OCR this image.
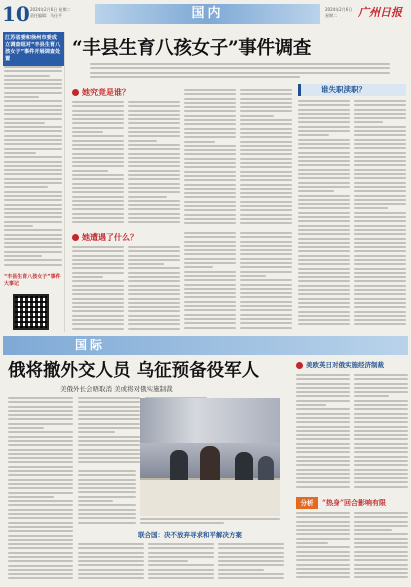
10 2024年2月6日 星期二
责任编辑：马仕平	国内	2024年2月6日
星期二	广州日报
江苏省委和徐州市委成立调查组对“丰县生育八孩女子”事件开展调查处置
“丰县生育八孩女子”事件大事记
“丰县生育八孩女子”事件调查
她究竟是谁？
她遭遇了什么？
谁失职渎职？
国际
俄将撤外交人员 乌征预备役军人
美俄外长会晤取消 美或将对俄实施制裁
联合国：决不放弃寻求和平解决方案
美欧英日对俄实施经济制裁
分析	“热身”回合影响有限
